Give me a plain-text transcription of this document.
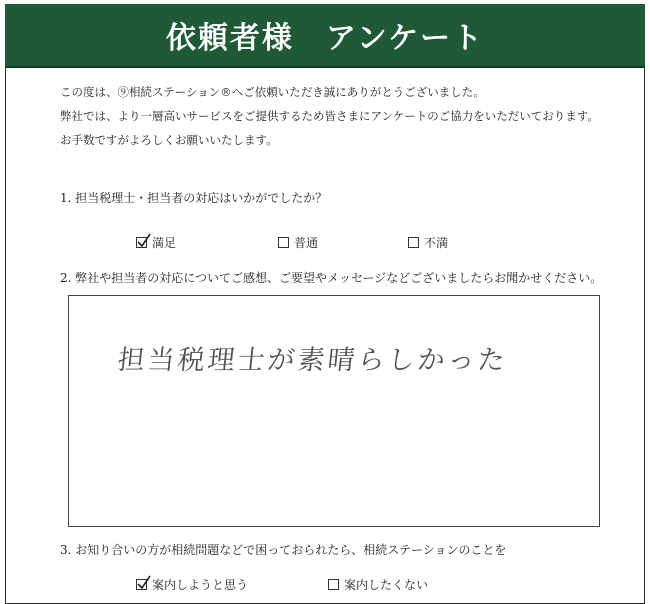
依頼者様　アンケート

この度は、⑨相続ステーション®へご依頼いただき誠にありがとうございました。

弊社では、より一層高いサービスをご提供するため皆さまにアンケートのご協力をいただいております。

お手数ですがよろしくお願いいたします。

1. 担当税理士・担当者の対応はいかがでしたか？
満足	普通	不満
2. 弊社や担当者の対応についてご感想、ご要望やメッセージなどございましたらお聞かせください。
担当税理士が素晴らしかった
3. お知り合いの方が相続問題などで困っておられたら、相続ステーションのことを
案内しようと思う	案内したくない
